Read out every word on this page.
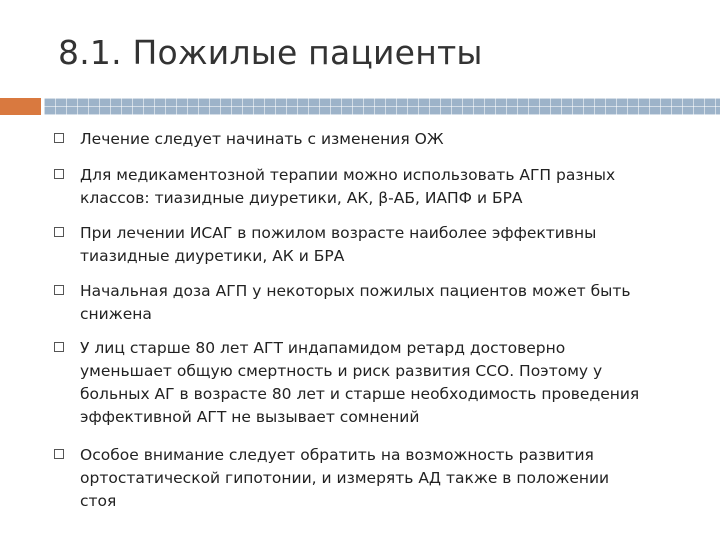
8.1. Пожилые пациенты

Лечение следует начинать с изменения ОЖ

Для медикаментозной терапии можно использовать АГП разных
классов: тиазидные диуретики, АК, β-АБ, ИАПФ и БРА

При лечении ИСАГ в пожилом возрасте наиболее эффективны
тиазидные диуретики, АК и БРА

Начальная доза АГП у некоторых пожилых пациентов может быть
снижена

У лиц старше 80 лет АГТ индапамидом ретард достоверно
уменьшает общую смертность и риск развития ССО. Поэтому у
больных АГ в возрасте 80 лет и старше необходимость проведения
эффективной АГТ не вызывает сомнений

Особое внимание следует обратить на возможность развития
ортостатической гипотонии, и измерять АД также в положении
стоя
